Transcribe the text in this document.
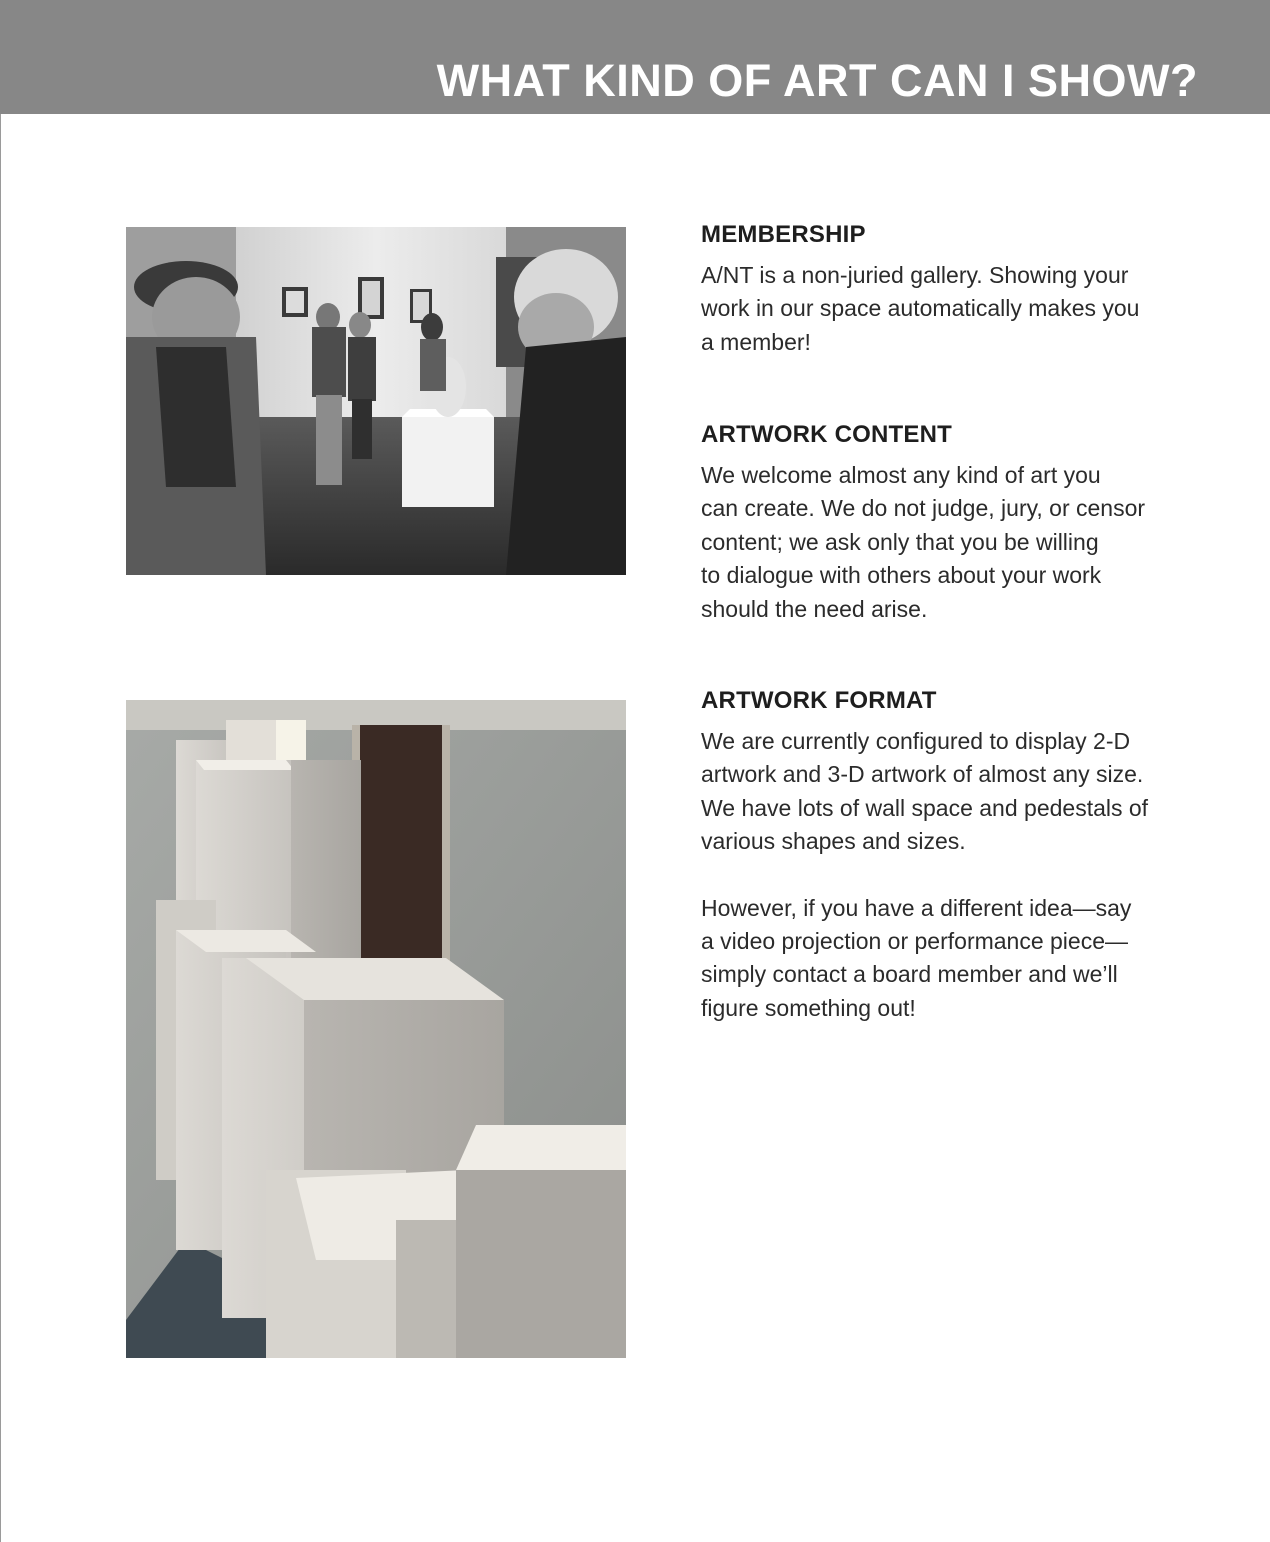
WHAT KIND OF ART CAN I SHOW?
MEMBERSHIP

A/NT is a non-juried gallery. Showing your
work in our space automatically makes you
a member!

ARTWORK CONTENT

We welcome almost any kind of art you
can create. We do not judge, jury, or censor
content; we ask only that you be willing
to dialogue with others about your work
should the need arise.

ARTWORK FORMAT

We are currently configured to display 2-D
artwork and 3-D artwork of almost any size.
We have lots of wall space and pedestals of
various shapes and sizes.

However, if you have a different idea—say
a video projection or performance piece—
simply contact a board member and we’ll
figure something out!
